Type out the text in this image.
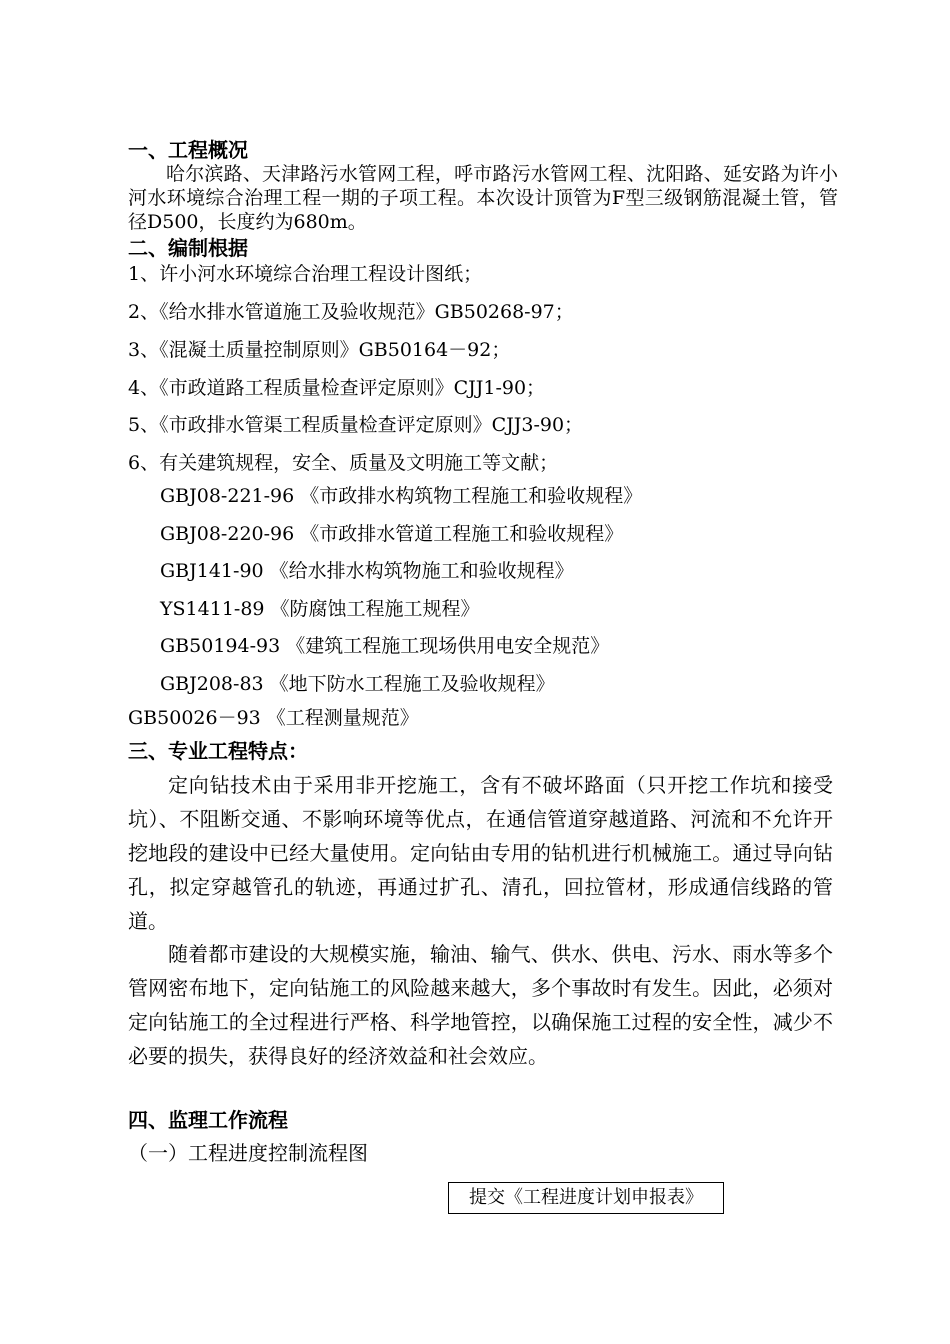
一、工程概况

哈尔滨路、天津路污水管网工程，呼市路污水管网工程、沈阳路、延安路为许小河水环境综合治理工程一期的子项工程。本次设计顶管为F型三级钢筋混凝土管，管径D500，长度约为680m。

二、编制根据
1、许小河水环境综合治理工程设计图纸；
2、《给水排水管道施工及验收规范》GB50268-97；
3、《混凝土质量控制原则》GB50164－92；
4、《市政道路工程质量检查评定原则》CJJ1-90；
5、《市政排水管渠工程质量检查评定原则》CJJ3-90；
6、有关建筑规程，安全、质量及文明施工等文献；
GBJ08-221-96 《市政排水构筑物工程施工和验收规程》
GBJ08-220-96 《市政排水管道工程施工和验收规程》
GBJ141-90 《给水排水构筑物施工和验收规程》
YS1411-89 《防腐蚀工程施工规程》
GB50194-93 《建筑工程施工现场供用电安全规范》
GBJ208-83 《地下防水工程施工及验收规程》
GB50026－93 《工程测量规范》
三、专业工程特点：

定向钻技术由于采用非开挖施工，含有不破坏路面（只开挖工作坑和接受坑）、不阻断交通、不影响环境等优点，在通信管道穿越道路、河流和不允许开挖地段的建设中已经大量使用。定向钻由专用的钻机进行机械施工。通过导向钻孔，拟定穿越管孔的轨迹，再通过扩孔、清孔，回拉管材，形成通信线路的管道。

随着都市建设的大规模实施，输油、输气、供水、供电、污水、雨水等多个管网密布地下，定向钻施工的风险越来越大，多个事故时有发生。因此，必须对定向钻施工的全过程进行严格、科学地管控，以确保施工过程的安全性，减少不必要的损失，获得良好的经济效益和社会效应。

四、监理工作流程
（一）工程进度控制流程图
提交《工程进度计划申报表》
